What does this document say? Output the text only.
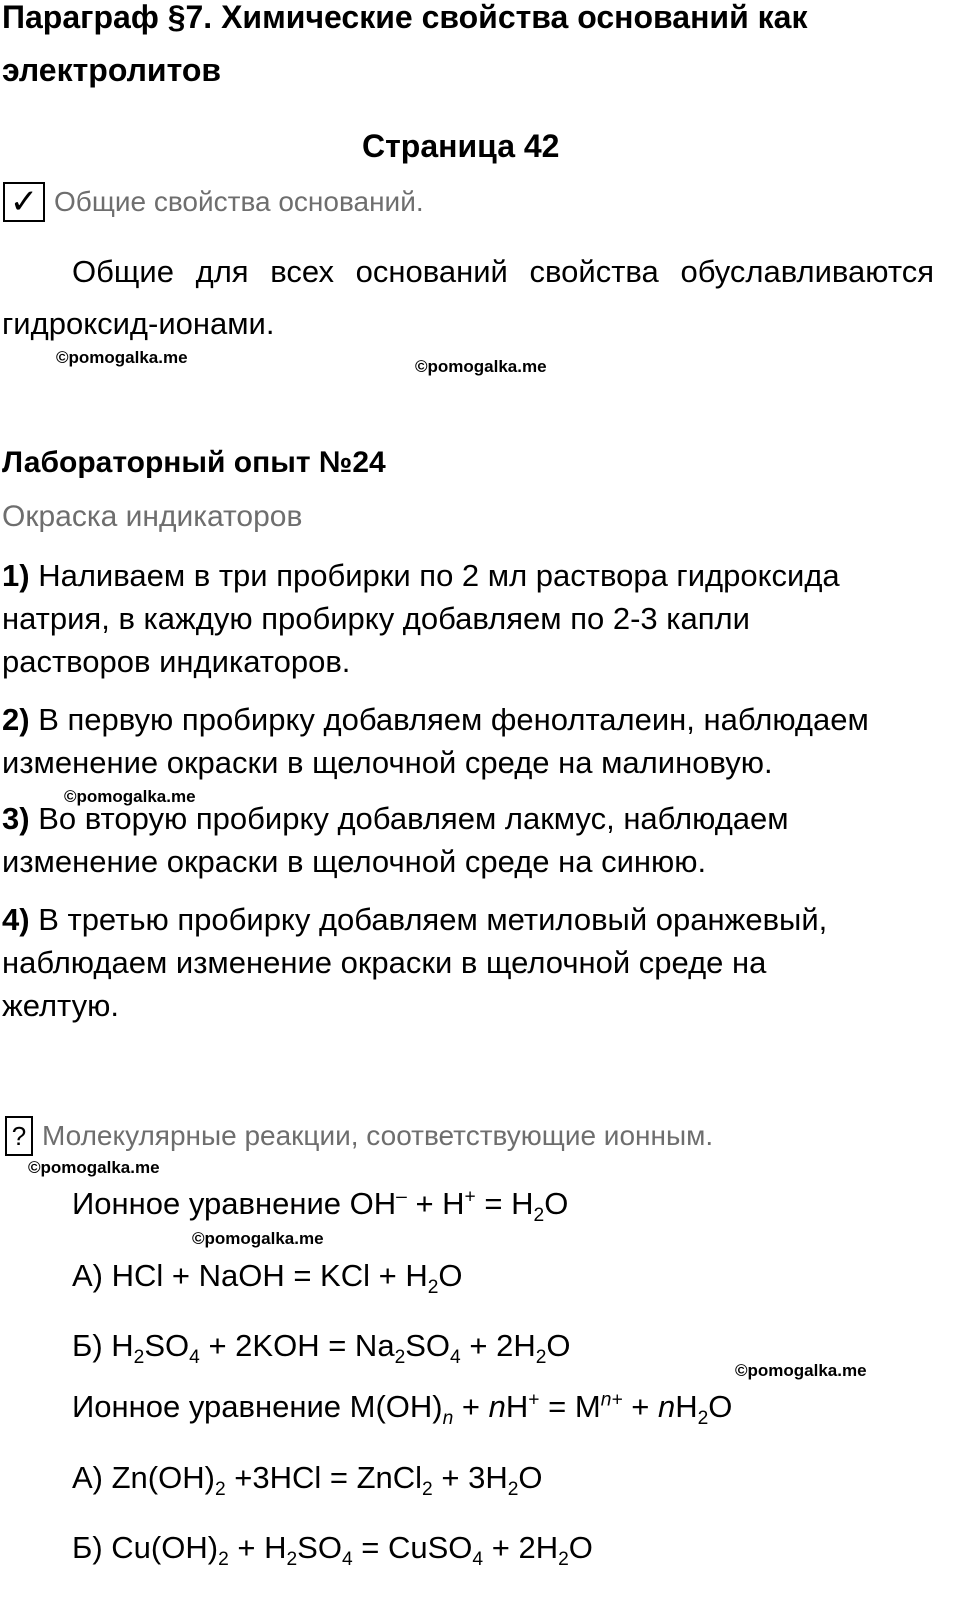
Параграф §7. Химические свойства оснований как
электролитов
Страница 42
✓ Общие свойства оснований.
Общие для всех оснований свойства обуславливаются
гидроксид-ионами.
©pomogalka.me	©pomogalka.me
Лабораторный опыт №24
Окраска индикаторов
1) Наливаем в три пробирки по 2 мл раствора гидроксида
натрия, в каждую пробирку добавляем по 2-3 капли
растворов индикаторов.
2) В первую пробирку добавляем фенолталеин, наблюдаем
изменение окраски в щелочной среде на малиновую.
©pomogalka.me
3) Во вторую пробирку добавляем лакмус, наблюдаем
изменение окраски в щелочной среде на синюю.
4) В третью пробирку добавляем метиловый оранжевый,
наблюдаем изменение окраски в щелочной среде на
желтую.
? Молекулярные реакции, соответствующие ионным.
©pomogalka.me
Ионное уравнение $OH^- + H^+ = H_2O$
©pomogalka.me
А) HCl + NaOH = KCl + $H_2O$
Б) $H_2SO_4 + 2KOH = Na_2SO_4 + 2H_2O$
©pomogalka.me
Ионное уравнение $M(OH)_n + nH^+ = M^{n+} + nH_2O$
А) $Zn(OH)_2 +3HCl$ = ZnCl$_2$ + $3H_2O$
Б) $Cu(OH)_2 + H_2SO_4$ = CuSO$_4$ + $2H_2O$
